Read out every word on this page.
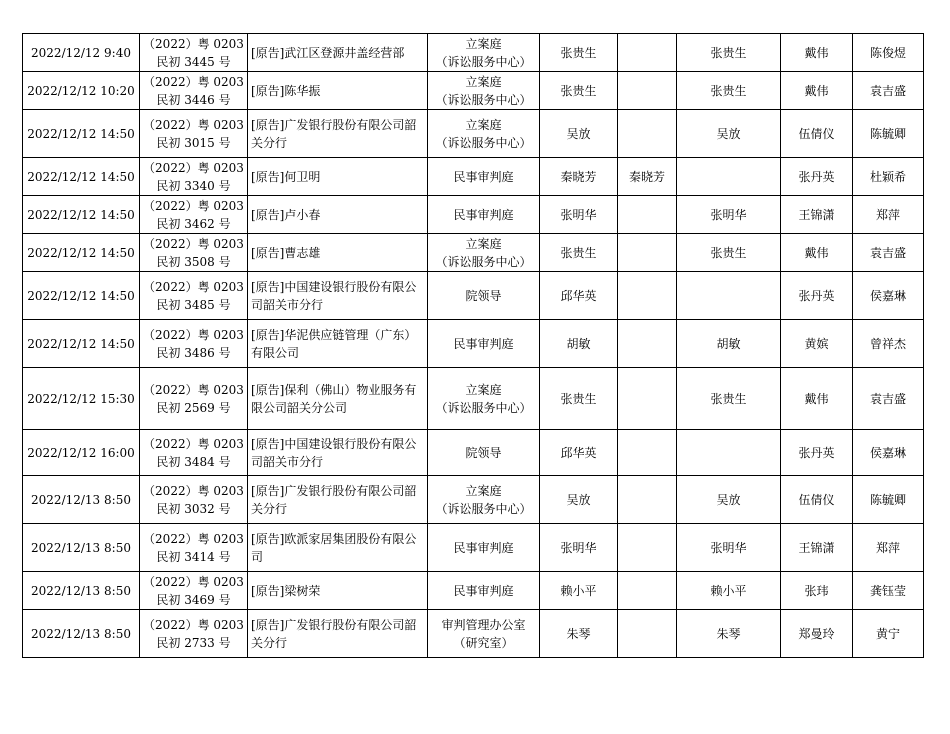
2022/12/12 9:40	（2022）粤 0203
民初 3445 号	[原告]武江区登源井盖经营部	立案庭
（诉讼服务中心）	张贵生		张贵生	戴伟	陈俊煜
2022/12/12 10:20	（2022）粤 0203
民初 3446 号	[原告]陈华振	立案庭
（诉讼服务中心）	张贵生		张贵生	戴伟	袁吉盛
2022/12/12 14:50	（2022）粤 0203
民初 3015 号	[原告]广发银行股份有限公司韶关分行	立案庭
（诉讼服务中心）	吴放		吴放	伍倩仪	陈毓卿
2022/12/12 14:50	（2022）粤 0203
民初 3340 号	[原告]何卫明	民事审判庭	秦晓芳	秦晓芳		张丹英	杜颖希
2022/12/12 14:50	（2022）粤 0203
民初 3462 号	[原告]卢小春	民事审判庭	张明华		张明华	王锦潇	郑萍
2022/12/12 14:50	（2022）粤 0203
民初 3508 号	[原告]曹志雄	立案庭
（诉讼服务中心）	张贵生		张贵生	戴伟	袁吉盛
2022/12/12 14:50	（2022）粤 0203
民初 3485 号	[原告]中国建设银行股份有限公司韶关市分行	院领导	邱华英			张丹英	侯嘉琳
2022/12/12 14:50	（2022）粤 0203
民初 3486 号	[原告]华泥供应链管理（广东）有限公司	民事审判庭	胡敏		胡敏	黄嫔	曾祥杰
2022/12/12 15:30	（2022）粤 0203
民初 2569 号	[原告]保利（佛山）物业服务有限公司韶关分公司	立案庭
（诉讼服务中心）	张贵生		张贵生	戴伟	袁吉盛
2022/12/12 16:00	（2022）粤 0203
民初 3484 号	[原告]中国建设银行股份有限公司韶关市分行	院领导	邱华英			张丹英	侯嘉琳
2022/12/13 8:50	（2022）粤 0203
民初 3032 号	[原告]广发银行股份有限公司韶关分行	立案庭
（诉讼服务中心）	吴放		吴放	伍倩仪	陈毓卿
2022/12/13 8:50	（2022）粤 0203
民初 3414 号	[原告]欧派家居集团股份有限公司	民事审判庭	张明华		张明华	王锦潇	郑萍
2022/12/13 8:50	（2022）粤 0203
民初 3469 号	[原告]梁树荣	民事审判庭	赖小平		赖小平	张玮	龚钰莹
2022/12/13 8:50	（2022）粤 0203
民初 2733 号	[原告]广发银行股份有限公司韶关分行	审判管理办公室
（研究室）	朱琴		朱琴	郑曼玲	黄宁
